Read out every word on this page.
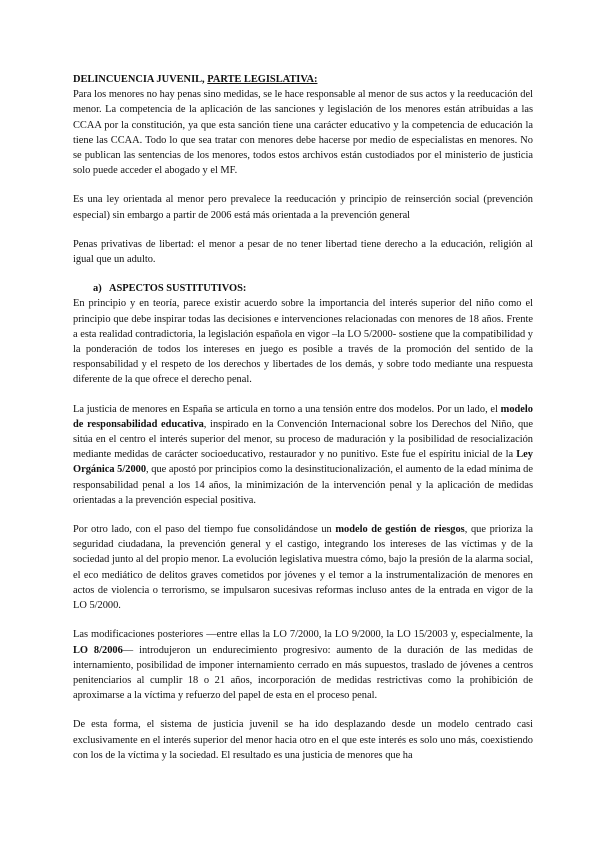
DELINCUENCIA JUVENIL, PARTE LEGISLATIVA:

Para los menores no hay penas sino medidas, se le hace responsable al menor de sus actos y la reeducación del menor. La competencia de la aplicación de las sanciones y legislación de los menores están atribuidas a las CCAA por la constitución, ya que esta sanción tiene una carácter educativo y la competencia de educación la tiene las CCAA. Todo lo que sea tratar con menores debe hacerse por medio de especialistas en menores. No se publican las sentencias de los menores, todos estos archivos están custodiados por el ministerio de justicia solo puede acceder el abogado y el MF.

Es una ley orientada al menor pero prevalece la reeducación y principio de reinserción social (prevención especial) sin embargo a partir de 2006 está más orientada a la prevención general

Penas privativas de libertad: el menor a pesar de no tener libertad tiene derecho a la educación, religión al igual que un adulto.

a) ASPECTOS SUSTITUTIVOS:

En principio y en teoría, parece existir acuerdo sobre la importancia del interés superior del niño como el principio que debe inspirar todas las decisiones e intervenciones relacionadas con menores de 18 años. Frente a esta realidad contradictoria, la legislación española en vigor –la LO 5/2000- sostiene que la compatibilidad y la ponderación de todos los intereses en juego es posible a través de la promoción del sentido de la responsabilidad y el respeto de los derechos y libertades de los demás, y sobre todo mediante una respuesta diferente de la que ofrece el derecho penal.

La justicia de menores en España se articula en torno a una tensión entre dos modelos. Por un lado, el modelo de responsabilidad educativa, inspirado en la Convención Internacional sobre los Derechos del Niño, que sitúa en el centro el interés superior del menor, su proceso de maduración y la posibilidad de resocialización mediante medidas de carácter socioeducativo, restaurador y no punitivo. Este fue el espíritu inicial de la Ley Orgánica 5/2000, que apostó por principios como la desinstitucionalización, el aumento de la edad mínima de responsabilidad penal a los 14 años, la minimización de la intervención penal y la aplicación de medidas orientadas a la prevención especial positiva.

Por otro lado, con el paso del tiempo fue consolidándose un modelo de gestión de riesgos, que prioriza la seguridad ciudadana, la prevención general y el castigo, integrando los intereses de las víctimas y de la sociedad junto al del propio menor. La evolución legislativa muestra cómo, bajo la presión de la alarma social, el eco mediático de delitos graves cometidos por jóvenes y el temor a la instrumentalización de menores en actos de violencia o terrorismo, se impulsaron sucesivas reformas incluso antes de la entrada en vigor de la LO 5/2000.

Las modificaciones posteriores —entre ellas la LO 7/2000, la LO 9/2000, la LO 15/2003 y, especialmente, la LO 8/2006— introdujeron un endurecimiento progresivo: aumento de la duración de las medidas de internamiento, posibilidad de imponer internamiento cerrado en más supuestos, traslado de jóvenes a centros penitenciarios al cumplir 18 o 21 años, incorporación de medidas restrictivas como la prohibición de aproximarse a la víctima y refuerzo del papel de esta en el proceso penal.

De esta forma, el sistema de justicia juvenil se ha ido desplazando desde un modelo centrado casi exclusivamente en el interés superior del menor hacia otro en el que este interés es solo uno más, coexistiendo con los de la víctima y la sociedad. El resultado es una justicia de menores que ha
